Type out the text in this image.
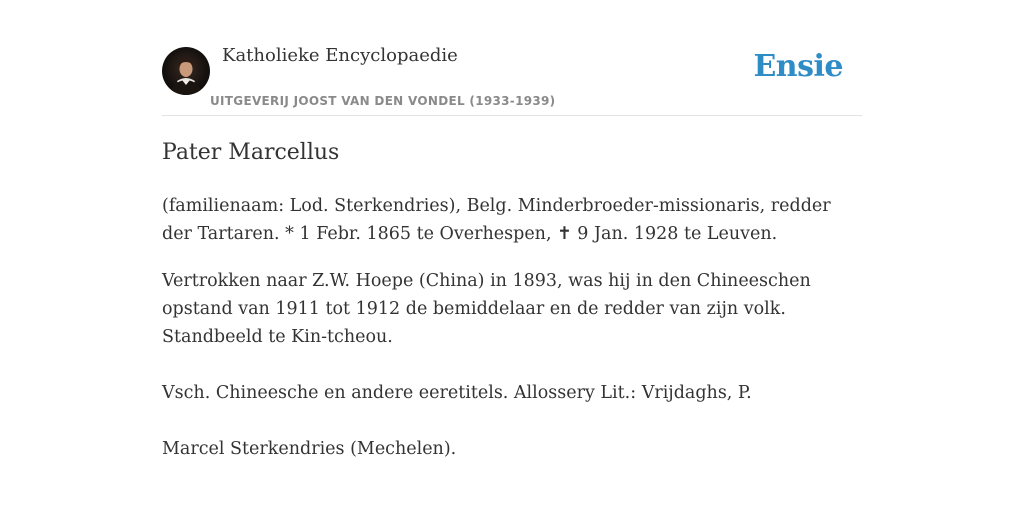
Katholieke Encyclopaedie
UITGEVERIJ JOOST VAN DEN VONDEL (1933-1939)
Ensie
Pater Marcellus

(familienaam: Lod. Sterkendries), Belg. Minderbroeder-missionaris, redder der Tartaren. * 1 Febr. 1865 te Overhespen, ✝ 9 Jan. 1928 te Leuven.

Vertrokken naar Z.W. Hoepe (China) in 1893, was hij in den Chineeschen opstand van 1911 tot 1912 de bemiddelaar en de redder van zijn volk. Standbeeld te Kin-tcheou.

Vsch. Chineesche en andere eeretitels. Allossery Lit.: Vrijdaghs, P.

Marcel Sterkendries (Mechelen).
